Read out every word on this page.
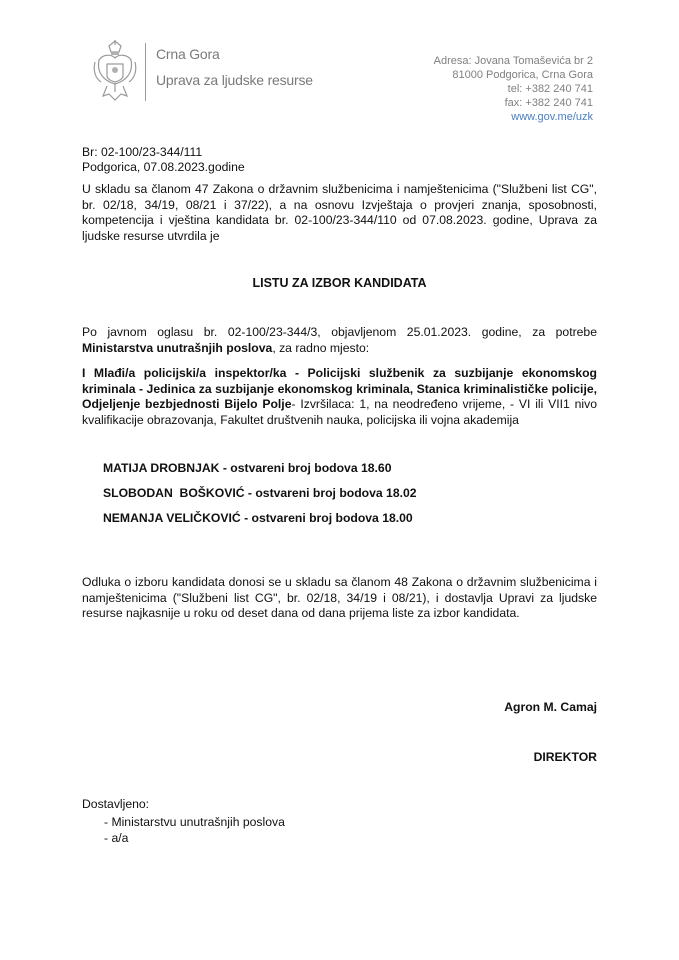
Crna Gora
Uprava za ljudske resurse
Adresa: Jovana Tomaševića br 2
81000 Podgorica, Crna Gora
tel: +382 240 741
fax: +382 240 741
www.gov.me/uzk
Br: 02-100/23-344/111
Podgorica, 07.08.2023.godine
U skladu sa članom 47 Zakona o državnim službenicima i namještenicima ("Službeni list CG", br. 02/18, 34/19, 08/21 i 37/22), a na osnovu Izvještaja o provjeri znanja, sposobnosti, kompetencija i vještina kandidata br. 02-100/23-344/110 od 07.08.2023. godine, Uprava za ljudske resurse utvrdila je
LISTU ZA IZBOR KANDIDATA
Po javnom oglasu br. 02-100/23-344/3, objavljenom 25.01.2023. godine, za potrebe Ministarstva unutrašnjih poslova, za radno mjesto:
I Mlađi/a policijski/a inspektor/ka - Policijski službenik za suzbijanje ekonomskog kriminala - Jedinica za suzbijanje ekonomskog kriminala, Stanica kriminalističke policije, Odjeljenje bezbjednosti Bijelo Polje- Izvršilaca: 1, na neodređeno vrijeme, - VI ili VII1 nivo kvalifikacije obrazovanja, Fakultet društvenih nauka, policijska ili vojna akademija
MATIJA DROBNJAK - ostvareni broj bodova 18.60
SLOBODAN  BOŠKOVIĆ - ostvareni broj bodova 18.02
NEMANJA VELIČKOVIĆ - ostvareni broj bodova 18.00
Odluka o izboru kandidata donosi se u skladu sa članom 48 Zakona o državnim službenicima i namještenicima ("Službeni list CG", br. 02/18, 34/19 i 08/21), i dostavlja Upravi za ljudske resurse najkasnije u roku od deset dana od dana prijema liste za izbor kandidata.
Agron M. Camaj
DIREKTOR
Dostavljeno:
- Ministarstvu unutrašnjih poslova
- a/a
